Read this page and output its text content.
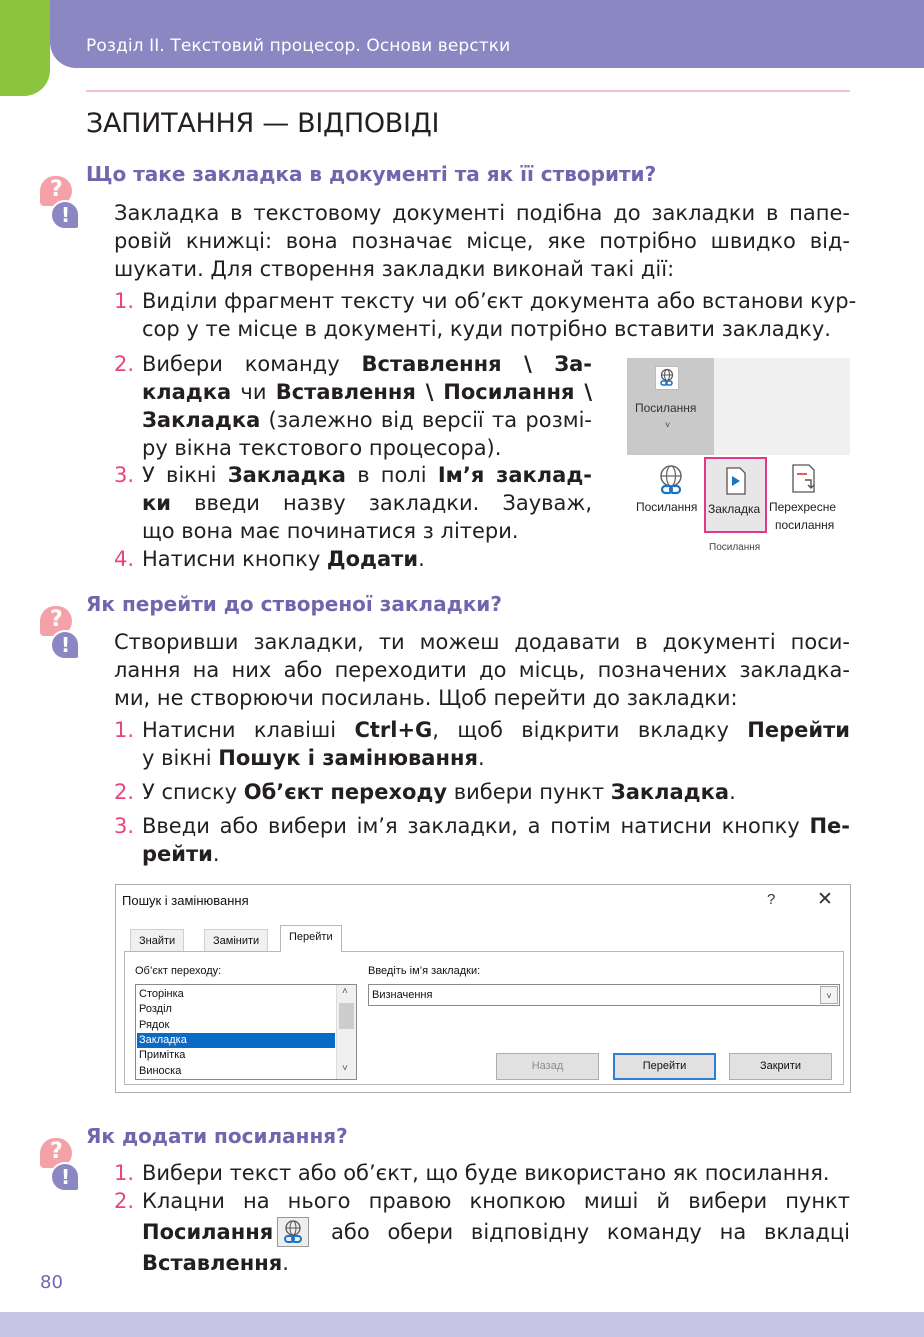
Розділ II. Текстовий процесор. Основи верстки
ЗАПИТАННЯ — ВІДПОВІДІ
?
!
Що таке закладка в документі та як її створити?
Закладка в текстовому документі подібна до закладки в папе-
ровій книжці: вона позначає місце, яке потрібно швидко від-
шукати. Для створення закладки виконай такі дії:
1. Виділи фрагмент тексту чи об’єкт документа або встанови кур-
сор у те місце в документі, куди потрібно вставити закладку.
2. Вибери команду Вставлення \ За-
кладка чи Вставлення \ Посилання \
Закладка (залежно від версії та розмі-
ру вікна текстового процесора).
3. У вікні Закладка в полі Ім’я заклад-
ки введи назву закладки. Зауваж,
що вона має починатися з літери.
4. Натисни кнопку Додати.
Посилання
˅
Посилання Закладка Перехресне
посилання
Посилання
?
!
Як перейти до створеної закладки?
Створивши закладки, ти можеш додавати в документі поси-
лання на них або переходити до місць, позначених закладка-
ми, не створюючи посилань. Щоб перейти до закладки:
1. Натисни клавіші Ctrl+G, щоб відкрити вкладку Перейти
у вікні Пошук і замінювання.
2. У списку Об’єкт переходу вибери пункт Закладка.
3. Введи або вибери ім’я закладки, а потім натисни кнопку Пе-
рейти.
Пошук і замінювання	? ✕
Знайти	Замінити	Перейти
Об’єкт переходу:
Сторінка
Розділ
Рядок
Закладка
Примітка
Виноска
˄
˅
Введіть ім’я закладки:
Визначення	˅
Назад	Перейти	Закрити
?
!
Як додати посилання?
1. Вибери текст або об’єкт, що буде використано як посилання.
2. Клацни на нього правою кнопкою миші й вибери пункт
Посилання або обери відповідну команду на вкладці
Вставлення.
80
